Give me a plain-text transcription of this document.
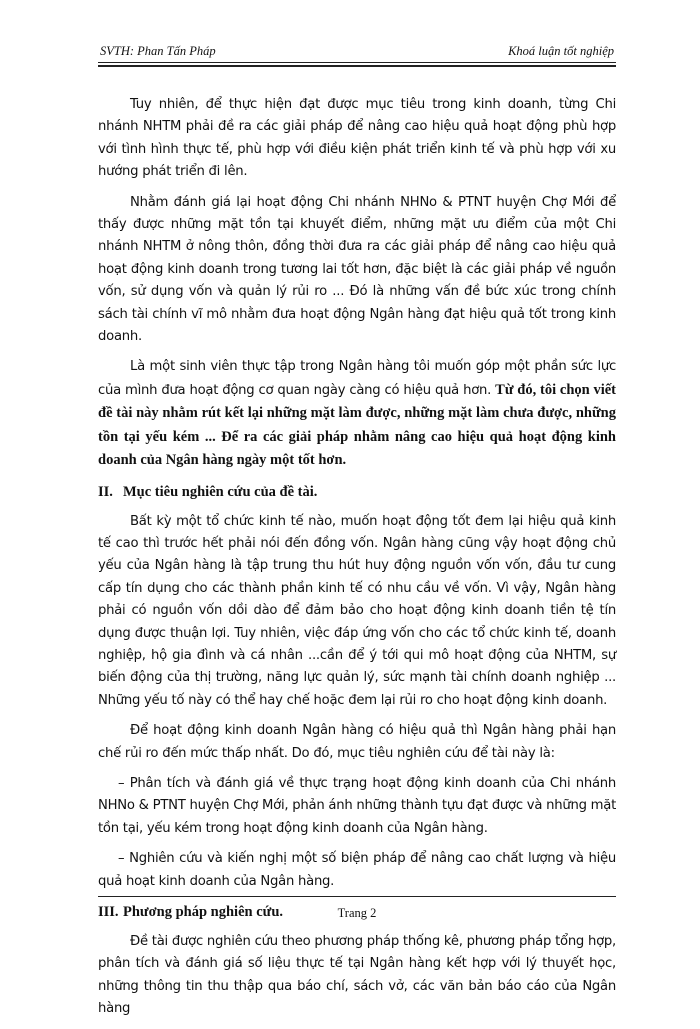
SVTH: Phan Tấn Pháp	Khoá luận tốt nghiệp

Tuy nhiên, để thực hiện đạt được mục tiêu trong kinh doanh, từng Chi nhánh NHTM phải đề ra các giải pháp để nâng cao hiệu quả hoạt động phù hợp với tình hình thực tế, phù hợp với điều kiện phát triển kinh tế và phù hợp với xu hướng phát triển đi lên.

Nhằm đánh giá lại hoạt động Chi nhánh NHNo & PTNT huyện Chợ Mới để thấy được những mặt tồn tại khuyết điểm, những mặt ưu điểm của một Chi nhánh NHTM ở nông thôn, đồng thời đưa ra các giải pháp để nâng cao hiệu quả hoạt động kinh doanh trong tương lai tốt hơn, đặc biệt là các giải pháp về nguồn vốn, sử dụng vốn và quản lý rủi ro ... Đó là những vấn đề bức xúc trong chính sách tài chính vĩ mô nhằm đưa hoạt động Ngân hàng đạt hiệu quả tốt trong kinh doanh.

Là một sinh viên thực tập trong Ngân hàng tôi muốn góp một phần sức lực của mình đưa hoạt động cơ quan ngày càng có hiệu quả hơn. Từ đó, tôi chọn viết đề tài này nhằm rút kết lại những mặt làm được, những mặt làm chưa được, những tồn tại yếu kém ... Để ra các giải pháp nhằm nâng cao hiệu quả hoạt động kinh doanh của Ngân hàng ngày một tốt hơn.

II. Mục tiêu nghiên cứu của đề tài.

Bất kỳ một tổ chức kinh tế nào, muốn hoạt động tốt đem lại hiệu quả kinh tế cao thì trước hết phải nói đến đồng vốn. Ngân hàng cũng vậy hoạt động chủ yếu của Ngân hàng là tập trung thu hút huy động nguồn vốn vốn, đầu tư cung cấp tín dụng cho các thành phần kinh tế có nhu cầu về vốn. Vì vậy, Ngân hàng phải có nguồn vốn dồi dào để đảm bảo cho hoạt động kinh doanh tiền tệ tín dụng được thuận lợi. Tuy nhiên, việc đáp ứng vốn cho các tổ chức kinh tế, doanh nghiệp, hộ gia đình và cá nhân ...cần để ý tới qui mô hoạt động của NHTM, sự biến động của thị trường, năng lực quản lý, sức mạnh tài chính doanh nghiệp ... Những yếu tố này có thể hay chế hoặc đem lại rủi ro cho hoạt động kinh doanh.

Để hoạt động kinh doanh Ngân hàng có hiệu quả thì Ngân hàng phải hạn chế rủi ro đến mức thấp nhất. Do đó, mục tiêu nghiên cứu để tài này là:

– Phân tích và đánh giá về thực trạng hoạt động kinh doanh của Chi nhánh NHNo & PTNT huyện Chợ Mới, phản ánh những thành tựu đạt được và những mặt tồn tại, yếu kém trong hoạt động kinh doanh của Ngân hàng.

– Nghiên cứu và kiến nghị một số biện pháp để nâng cao chất lượng và hiệu quả hoạt kinh doanh của Ngân hàng.

III. Phương pháp nghiên cứu.

Đề tài được nghiên cứu theo phương pháp thống kê, phương pháp tổng hợp, phân tích và đánh giá số liệu thực tế tại Ngân hàng kết hợp với lý thuyết học, những thông tin thu thập qua báo chí, sách vở, các văn bản báo cáo của Ngân hàng

Trang 2
